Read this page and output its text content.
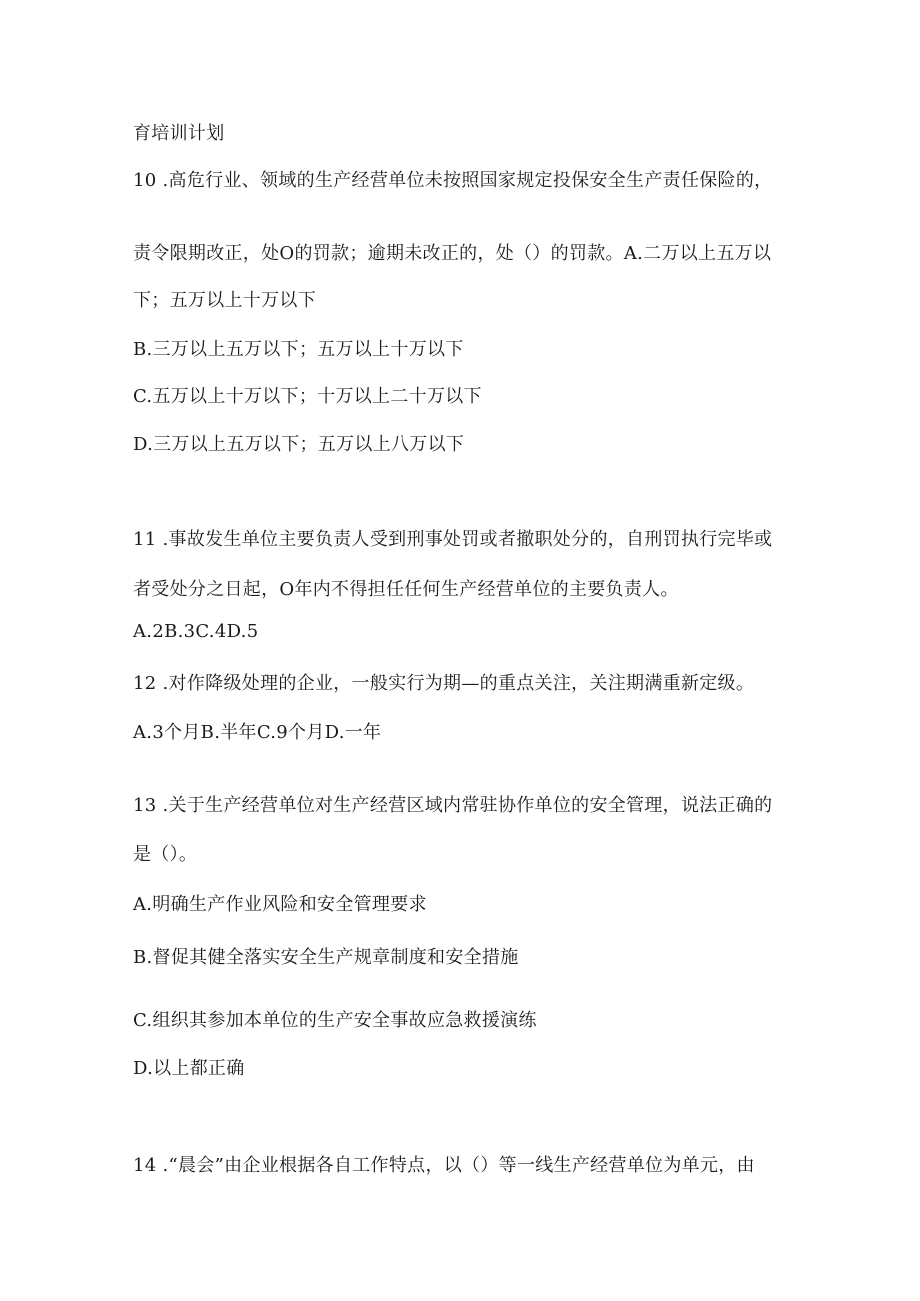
育培训计划
10 .高危行业、领域的生产经营单位未按照国家规定投保安全生产责任保险的，
责令限期改正，处O的罚款；逾期未改正的，处（）的罚款。A.二万以上五万以
下；五万以上十万以下
B.三万以上五万以下；五万以上十万以下
C.五万以上十万以下；十万以上二十万以下
D.三万以上五万以下；五万以上八万以下
11 .事故发生单位主要负责人受到刑事处罚或者撤职处分的，自刑罚执行完毕或
者受处分之日起，O年内不得担任任何生产经营单位的主要负责人。
A.2B.3C.4D.5
12 .对作降级处理的企业，一般实行为期—的重点关注，关注期满重新定级。
A.3个月B.半年C.9个月D.一年
13 .关于生产经营单位对生产经营区域内常驻协作单位的安全管理，说法正确的
是（）。
A.明确生产作业风险和安全管理要求
B.督促其健全落实安全生产规章制度和安全措施
C.组织其参加本单位的生产安全事故应急救援演练
D.以上都正确
14 .“晨会”由企业根据各自工作特点，以（）等一线生产经营单位为单元，由
